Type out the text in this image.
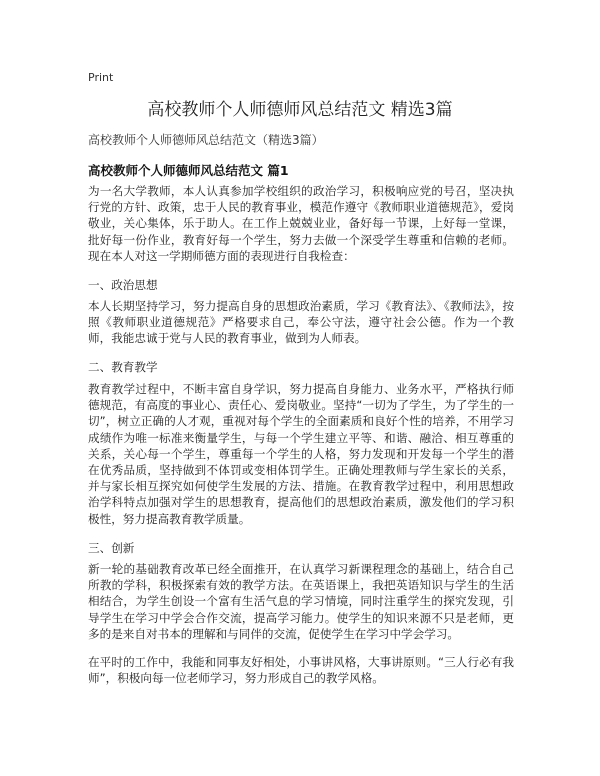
Print
高校教师个人师德师风总结范文 精选3篇
高校教师个人师德师风总结范文（精选3篇）
高校教师个人师德师风总结范文 篇1

为一名大学教师，本人认真参加学校组织的政治学习，积极响应党的号召，坚决执行党的方针、政策，忠于人民的教育事业，模范作遵守《教师职业道德规范》，爱岗敬业，关心集体，乐于助人。在工作上兢兢业业，备好每一节课，上好每一堂课，批好每一份作业，教育好每一个学生，努力去做一个深受学生尊重和信赖的老师。现在本人对这一学期师德方面的表现进行自我检查：

一、政治思想

本人长期坚持学习，努力提高自身的思想政治素质，学习《教育法》、《教师法》，按照《教师职业道德规范》严格要求自己，奉公守法，遵守社会公德。作为一个教师，我能忠诚于党与人民的教育事业，做到为人师表。

二、教育教学

教育教学过程中，不断丰富自身学识，努力提高自身能力、业务水平，严格执行师德规范，有高度的事业心、责任心、爱岗敬业。坚持“一切为了学生，为了学生的一切”，树立正确的人才观，重视对每个学生的全面素质和良好个性的培养，不用学习成绩作为唯一标准来衡量学生，与每一个学生建立平等、和谐、融洽、相互尊重的关系，关心每一个学生，尊重每一个学生的人格，努力发现和开发每一个学生的潜在优秀品质，坚持做到不体罚或变相体罚学生。正确处理教师与学生家长的关系，并与家长相互探究如何使学生发展的方法、措施。在教育教学过程中，利用思想政治学科特点加强对学生的思想教育，提高他们的思想政治素质，激发他们的学习积极性，努力提高教育教学质量。

三、创新

新一轮的基础教育改革已经全面推开，在认真学习新课程理念的基础上，结合自己所教的学科，积极探索有效的教学方法。在英语课上，我把英语知识与学生的生活相结合，为学生创设一个富有生活气息的学习情境，同时注重学生的探究发现，引导学生在学习中学会合作交流，提高学习能力。使学生的知识来源不只是老师，更多的是来自对书本的理解和与同伴的交流，促使学生在学习中学会学习。

在平时的工作中，我能和同事友好相处，小事讲风格，大事讲原则。“三人行必有我师”，积极向每一位老师学习，努力形成自己的教学风格。
